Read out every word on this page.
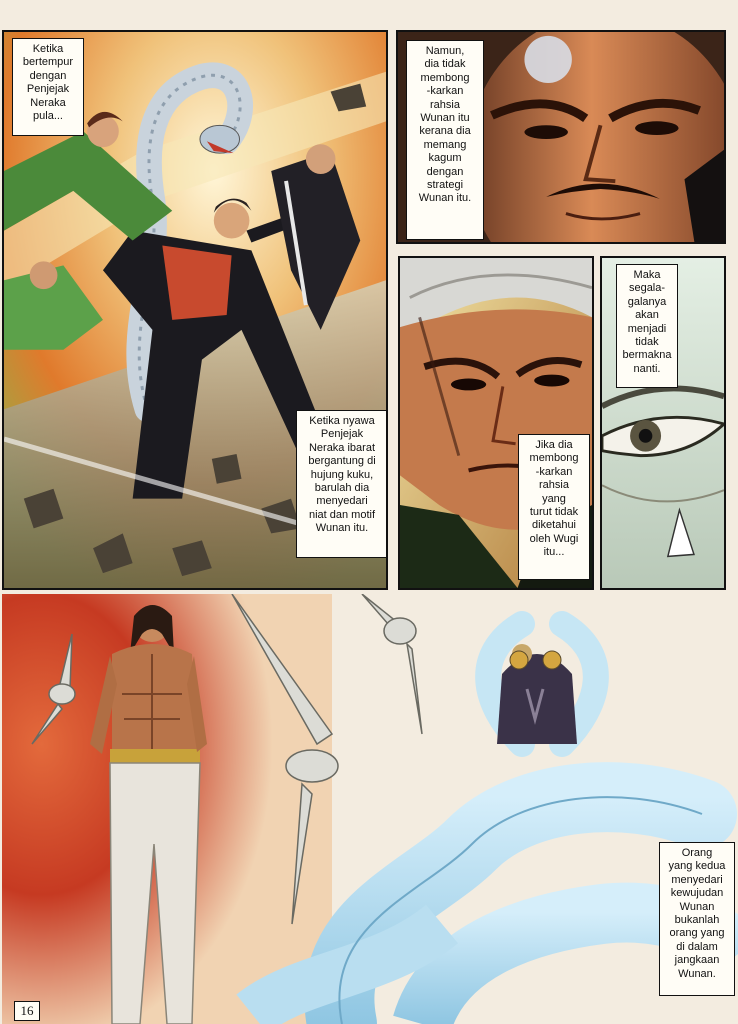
Ketika
bertempur
dengan
Penjejak
Neraka
pula...
Ketika nyawa
Penjejak
Neraka ibarat
bergantung di
hujung kuku,
barulah dia
menyedari
niat dan motif
Wunan itu.
Namun,
dia tidak
membong
-karkan
rahsia
Wunan itu
kerana dia
memang
kagum
dengan
strategi
Wunan itu.
Jika dia
membong
-karkan
rahsia
yang
turut tidak
diketahui
oleh Wugi
itu...
Maka
segala-
galanya
akan
menjadi
tidak
bermakna
nanti.
Orang
yang kedua
menyedari
kewujudan
Wunan
bukanlah
orang yang
di dalam
jangkaan
Wunan.
16
